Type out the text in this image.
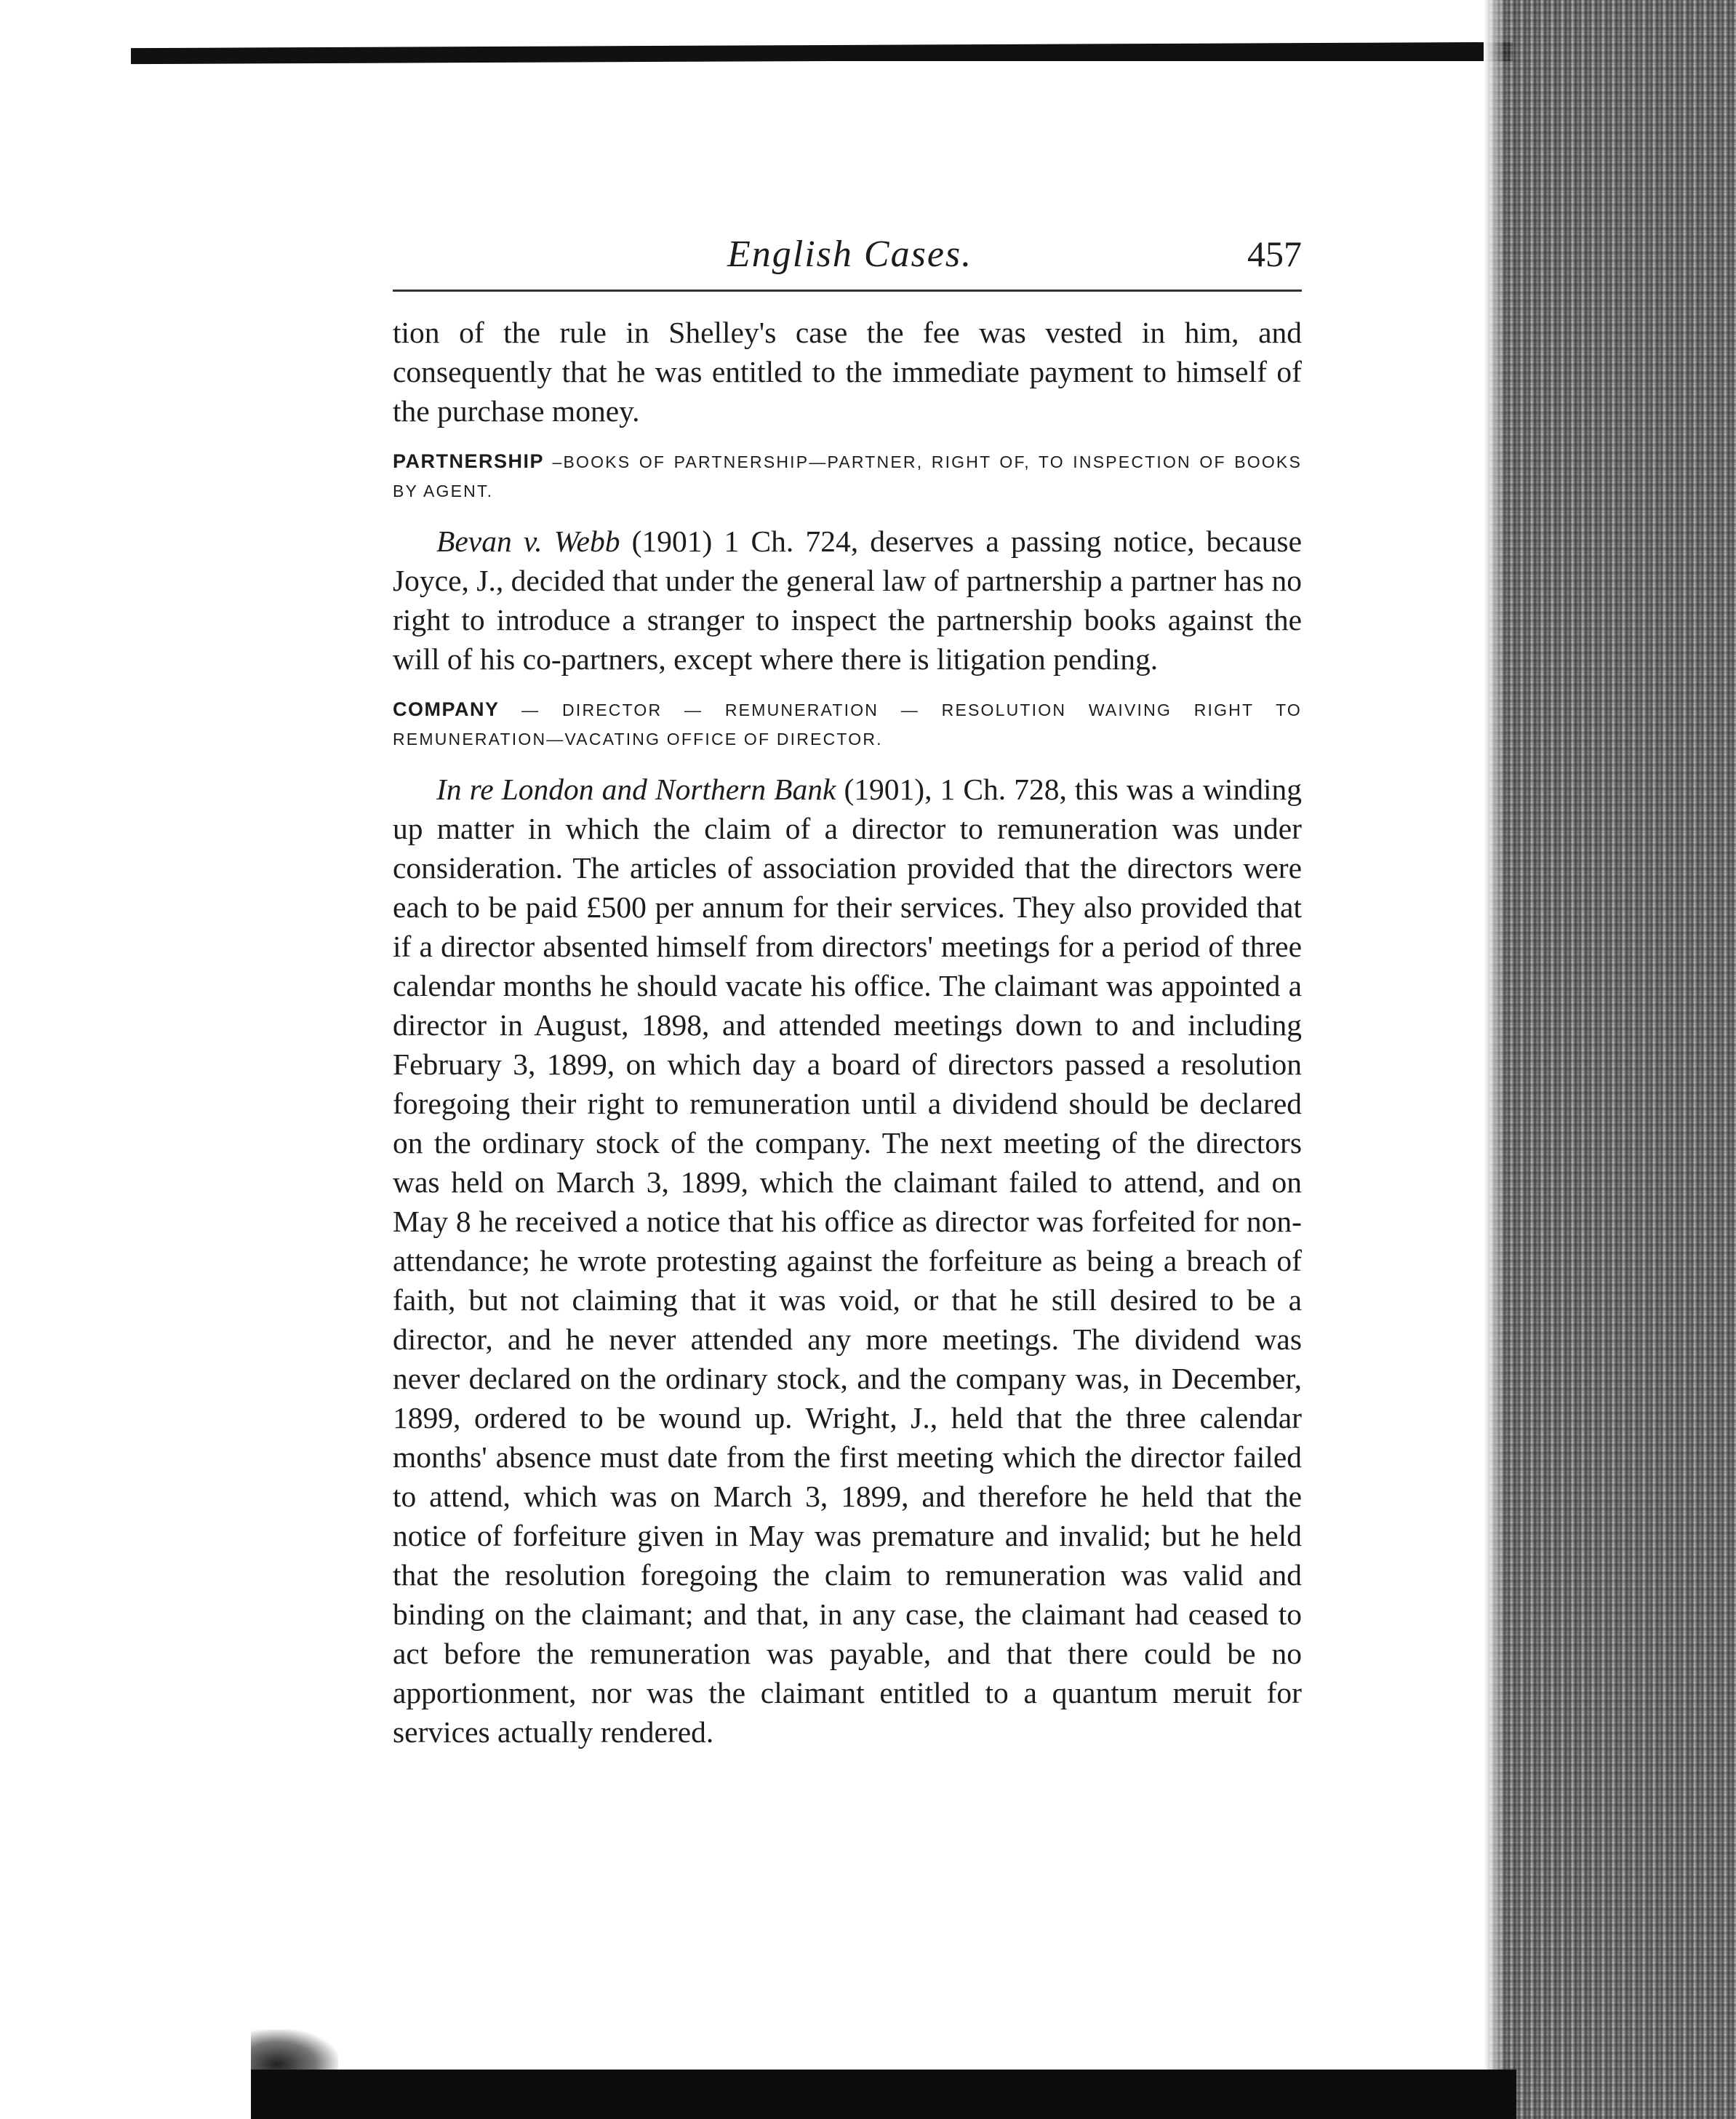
English Cases.	457

tion of the rule in Shelley's case the fee was vested in him, and consequently that he was entitled to the immediate payment to himself of the purchase money.

PARTNERSHIP –BOOKS OF PARTNERSHIP—PARTNER, RIGHT OF, TO INSPECTION OF BOOKS BY AGENT.

Bevan v. Webb (1901) 1 Ch. 724, deserves a passing notice, because Joyce, J., decided that under the general law of partnership a partner has no right to introduce a stranger to inspect the partnership books against the will of his co-partners, except where there is litigation pending.

COMPANY — DIRECTOR — REMUNERATION — RESOLUTION WAIVING RIGHT TO REMUNERATION—VACATING OFFICE OF DIRECTOR.

In re London and Northern Bank (1901), 1 Ch. 728, this was a winding up matter in which the claim of a director to remuneration was under consideration. The articles of association provided that the directors were each to be paid £500 per annum for their services. They also provided that if a director absented himself from directors' meetings for a period of three calendar months he should vacate his office. The claimant was appointed a director in August, 1898, and attended meetings down to and including February 3, 1899, on which day a board of directors passed a resolution foregoing their right to remuneration until a dividend should be declared on the ordinary stock of the company. The next meeting of the directors was held on March 3, 1899, which the claimant failed to attend, and on May 8 he received a notice that his office as director was forfeited for non-attendance; he wrote protesting against the forfeiture as being a breach of faith, but not claiming that it was void, or that he still desired to be a director, and he never attended any more meetings. The dividend was never declared on the ordinary stock, and the company was, in December, 1899, ordered to be wound up. Wright, J., held that the three calendar months' absence must date from the first meeting which the director failed to attend, which was on March 3, 1899, and therefore he held that the notice of forfeiture given in May was premature and invalid; but he held that the resolution foregoing the claim to remuneration was valid and binding on the claimant; and that, in any case, the claimant had ceased to act before the remuneration was payable, and that there could be no apportionment, nor was the claimant entitled to a quantum meruit for services actually rendered.
